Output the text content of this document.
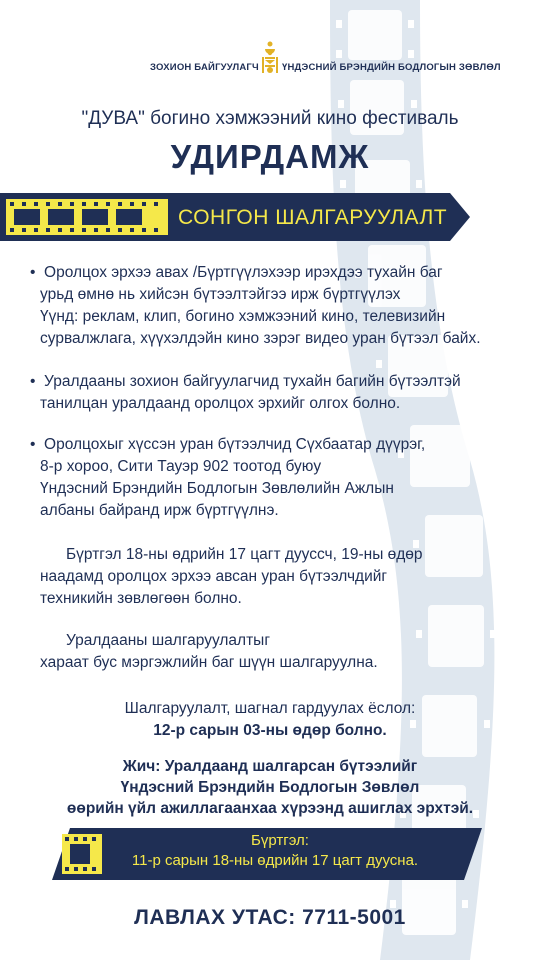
ЗОХИОН БАЙГУУЛАГЧ ҮНДЭСНИЙ БРЭНДИЙН БОДЛОГЫН ЗӨВЛӨЛ
"ДУВА" богино хэмжээний кино фестиваль
УДИРДАМЖ
СОНГОН ШАЛГАРУУЛАЛТ
•  Оролцох эрхээ авах /Бүртгүүлэхээр ирэхдээ тухайн баг
урьд өмнө нь хийсэн бүтээлтэйгээ ирж бүртгүүлэх
Үүнд: реклам, клип, богино хэмжээний кино, телевизийн
сурвалжлага, хүүхэлдэйн кино зэрэг видео уран бүтээл байх.
•  Уралдааны зохион байгуулагчид тухайн багийн бүтээлтэй
танилцан уралдаанд оролцох эрхийг олгох болно.
•  Оролцохыг хүссэн уран бүтээлчид Сүхбаатар дүүрэг,
8-р хороо, Сити Тауэр 902 тоотод буюу
Үндэсний Брэндийн Бодлогын Зөвлөлийн Ажлын
албаны байранд ирж бүртгүүлнэ.
Бүртгэл 18-ны өдрийн 17 цагт дууссч, 19-ны өдөр
наадамд оролцох эрхээ авсан уран бүтээлчдийг
техникийн зөвлөгөөн болно.
Уралдааны шалгаруулалтыг
хараат бус мэргэжлийн баг шүүн шалгаруулна.
Шалгаруулалт, шагнал гардуулах ёслол:
12-р сарын 03-ны өдөр болно.
Жич: Уралдаанд шалгарсан бүтээлийг
Үндэсний Брэндийн Бодлогын Зөвлөл
өөрийн үйл ажиллагаанхаа хүрээнд ашиглах эрхтэй.
Бүртгэл:
11-р сарын 18-ны өдрийн 17 цагт дуусна.
ЛАВЛАХ УТАС: 7711-5001
